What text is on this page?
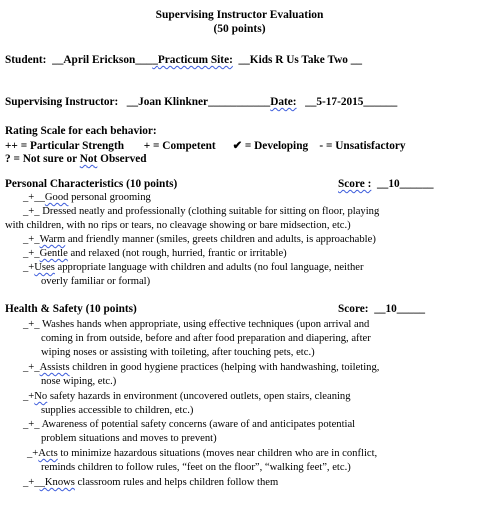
Supervising Instructor Evaluation
(50 points)
Student: __April Erickson____Practicum Site: __Kids R Us Take Two __
Supervising Instructor: __Joan Klinkner___________Date: __5-17-2015______
Rating Scale for each behavior:
++ = Particular Strength + = Competent ✔ = Developing - = Unsatisfactory
? = Not sure or Not Observed
Personal Characteristics (10 points)	Score : __10______
_+__Good personal grooming
_+_ Dressed neatly and professionally (clothing suitable for sitting on floor, playing
with children, with no rips or tears, no cleavage showing or bare midsection, etc.)
_+_Warm and friendly manner (smiles, greets children and adults, is approachable)
_+_Gentle and relaxed (not rough, hurried, frantic or irritable)
_+Uses appropriate language with children and adults (no foul language, neither
overly familiar or formal)
Health & Safety (10 points)	Score: __10_____
_+_ Washes hands when appropriate, using effective techniques (upon arrival and
coming in from outside, before and after food preparation and diapering, after
wiping noses or assisting with toileting, after touching pets, etc.)
_+_Assists children in good hygiene practices (helping with handwashing, toileting,
nose wiping, etc.)
_+No safety hazards in environment (uncovered outlets, open stairs, cleaning
supplies accessible to children, etc.)
_+_ Awareness of potential safety concerns (aware of and anticipates potential
problem situations and moves to prevent)
_+Acts to minimize hazardous situations (moves near children who are in conflict,
reminds children to follow rules, “feet on the floor”, “walking feet”, etc.)
_+__Knows classroom rules and helps children follow them
